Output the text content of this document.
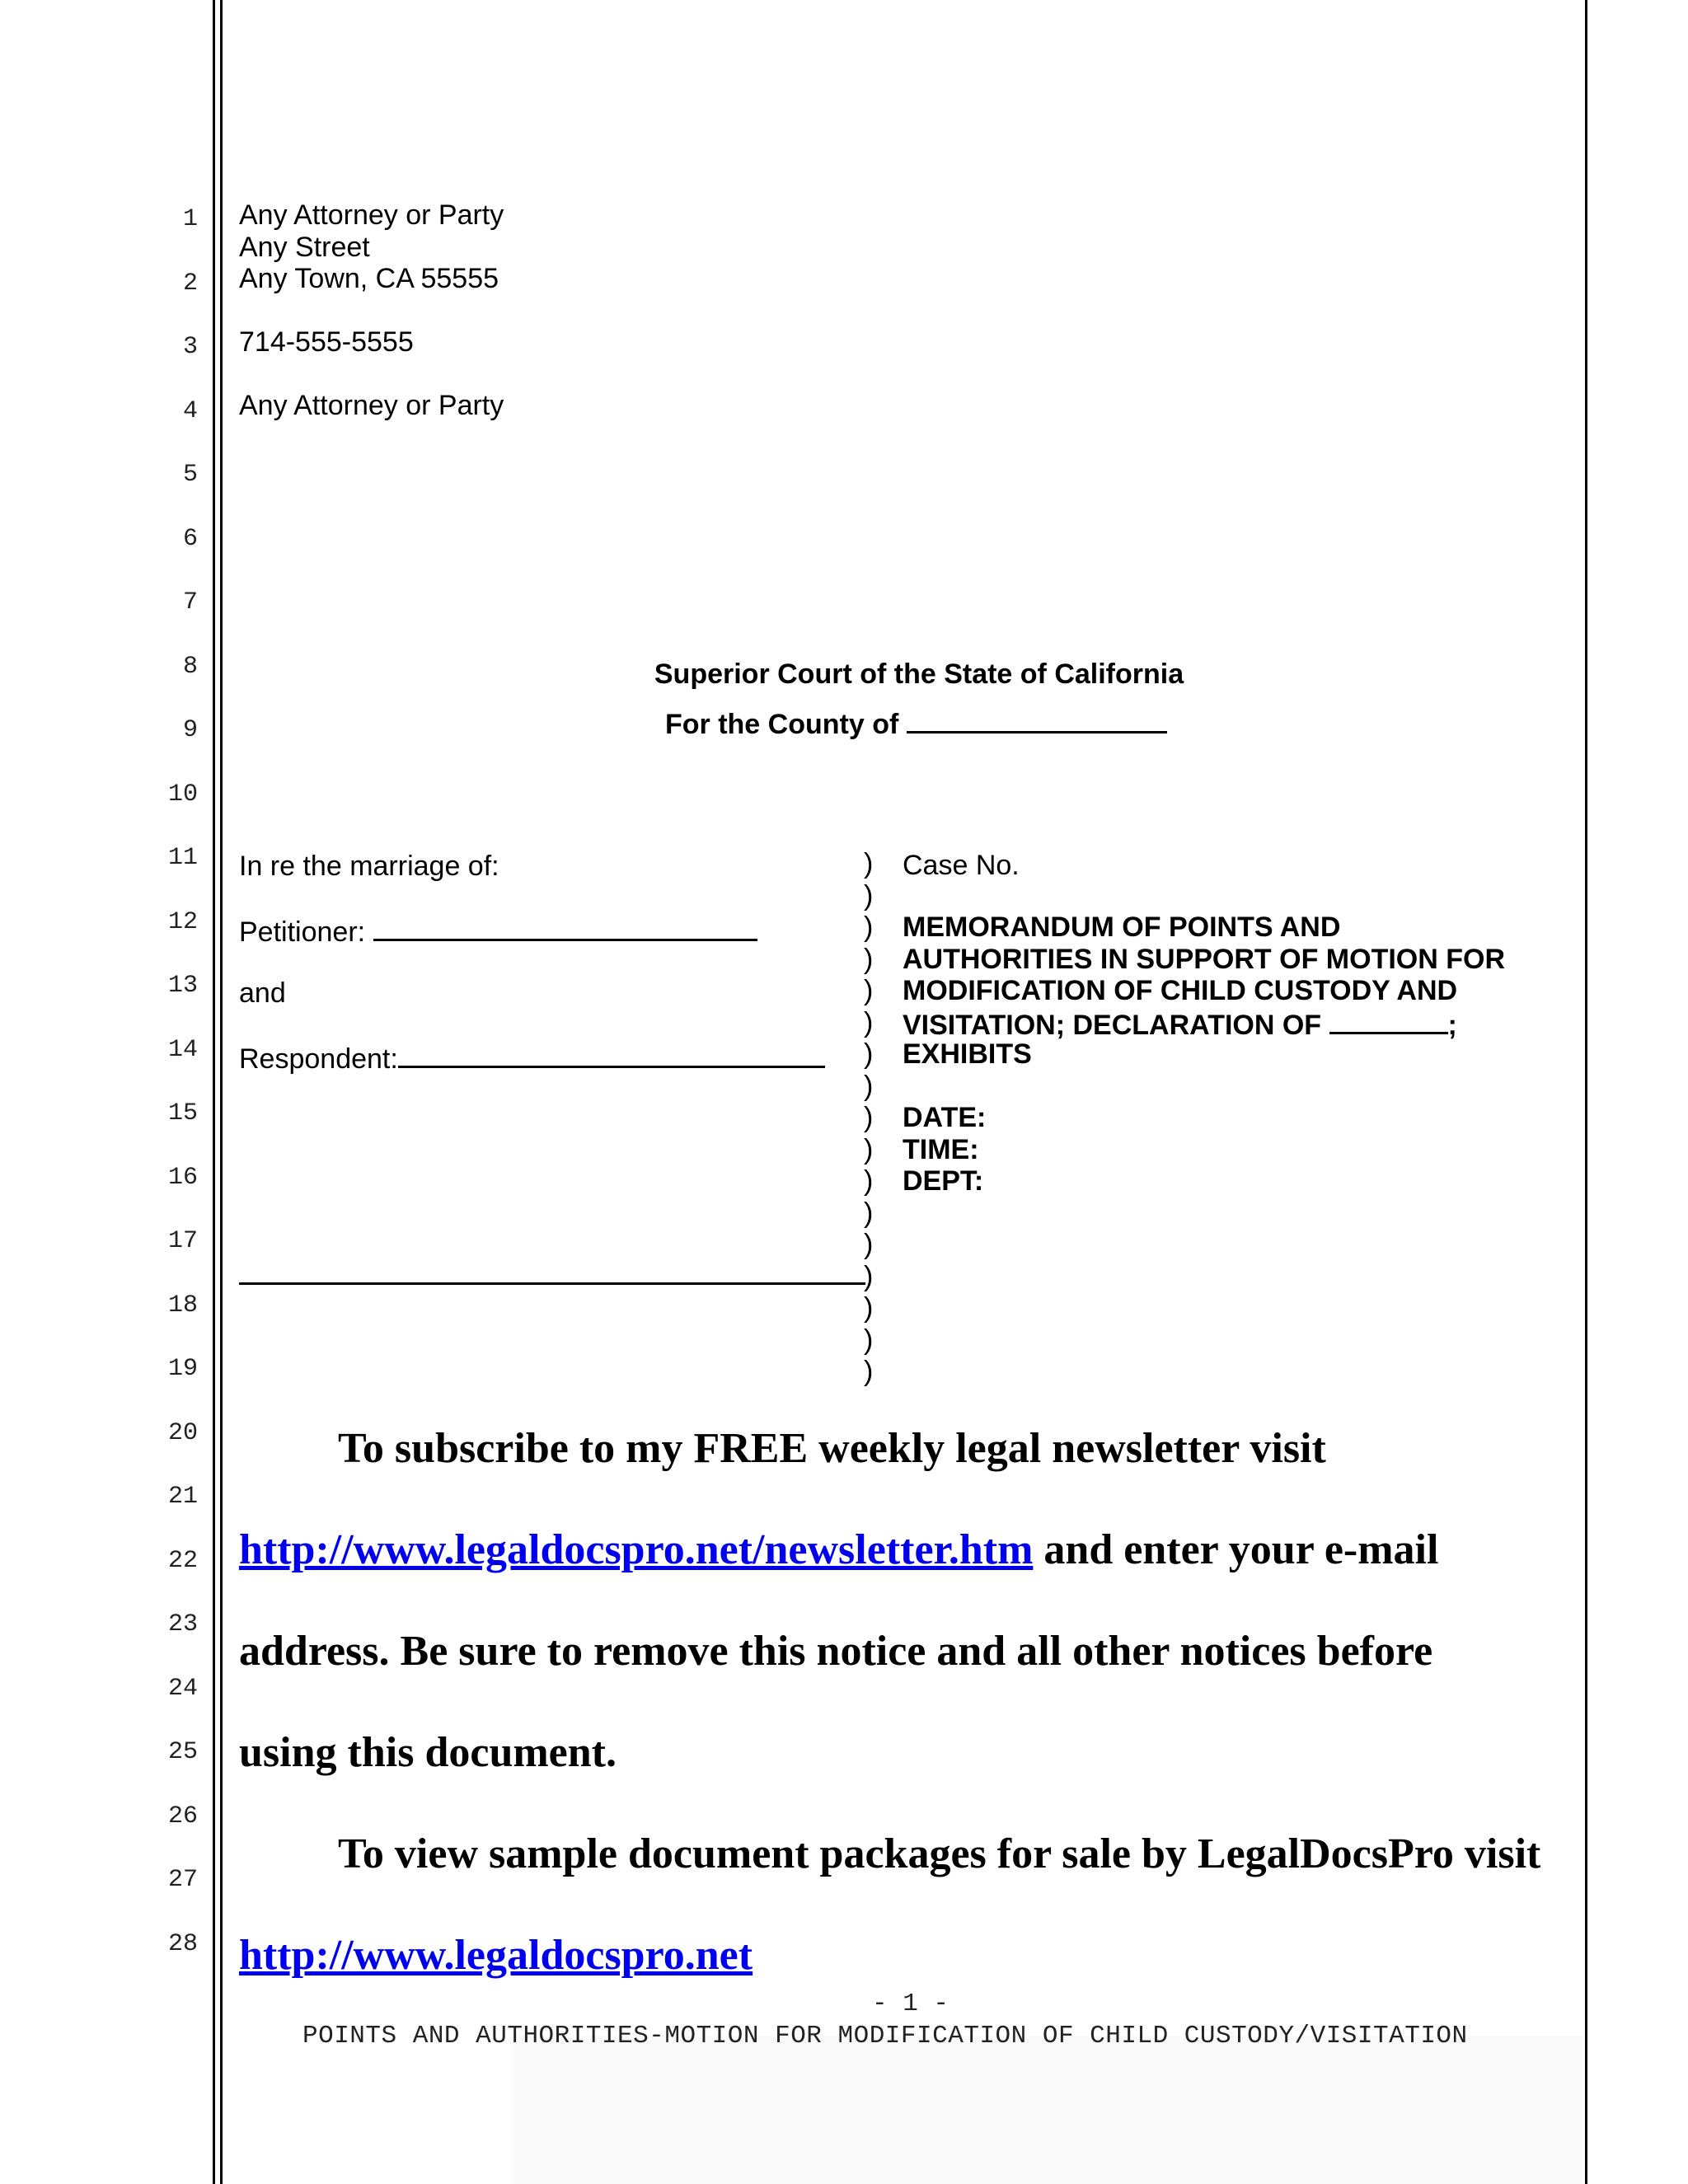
1
2
3
4
5
6
7
8
9
10
11
12
13
14
15
16
17
18
19
20
21
22
23
24
25
26
27
28
Any Attorney or Party
Any Street
Any Town, CA 55555
714-555-5555
Any Attorney or Party
Superior Court of the State of California
For the County of
In re the marriage of:
Petitioner:
and
Respondent:
)
)
)
)
)
)
)
)
)
)
)
)
)
)
)
)
)
Case No.
MEMORANDUM OF POINTS AND
AUTHORITIES IN SUPPORT OF MOTION FOR
MODIFICATION OF CHILD CUSTODY AND
VISITATION; DECLARATION OF	;
EXHIBITS
DATE:
TIME:
DEPT:
To subscribe to my FREE weekly legal newsletter visit
http://www.legaldocspro.net/newsletter.htm and enter your e-mail
address. Be sure to remove this notice and all other notices before
using this document.
To view sample document packages for sale by LegalDocsPro visit
http://www.legaldocspro.net
- 1 -
POINTS AND AUTHORITIES-MOTION FOR MODIFICATION OF CHILD CUSTODY/VISITATION
